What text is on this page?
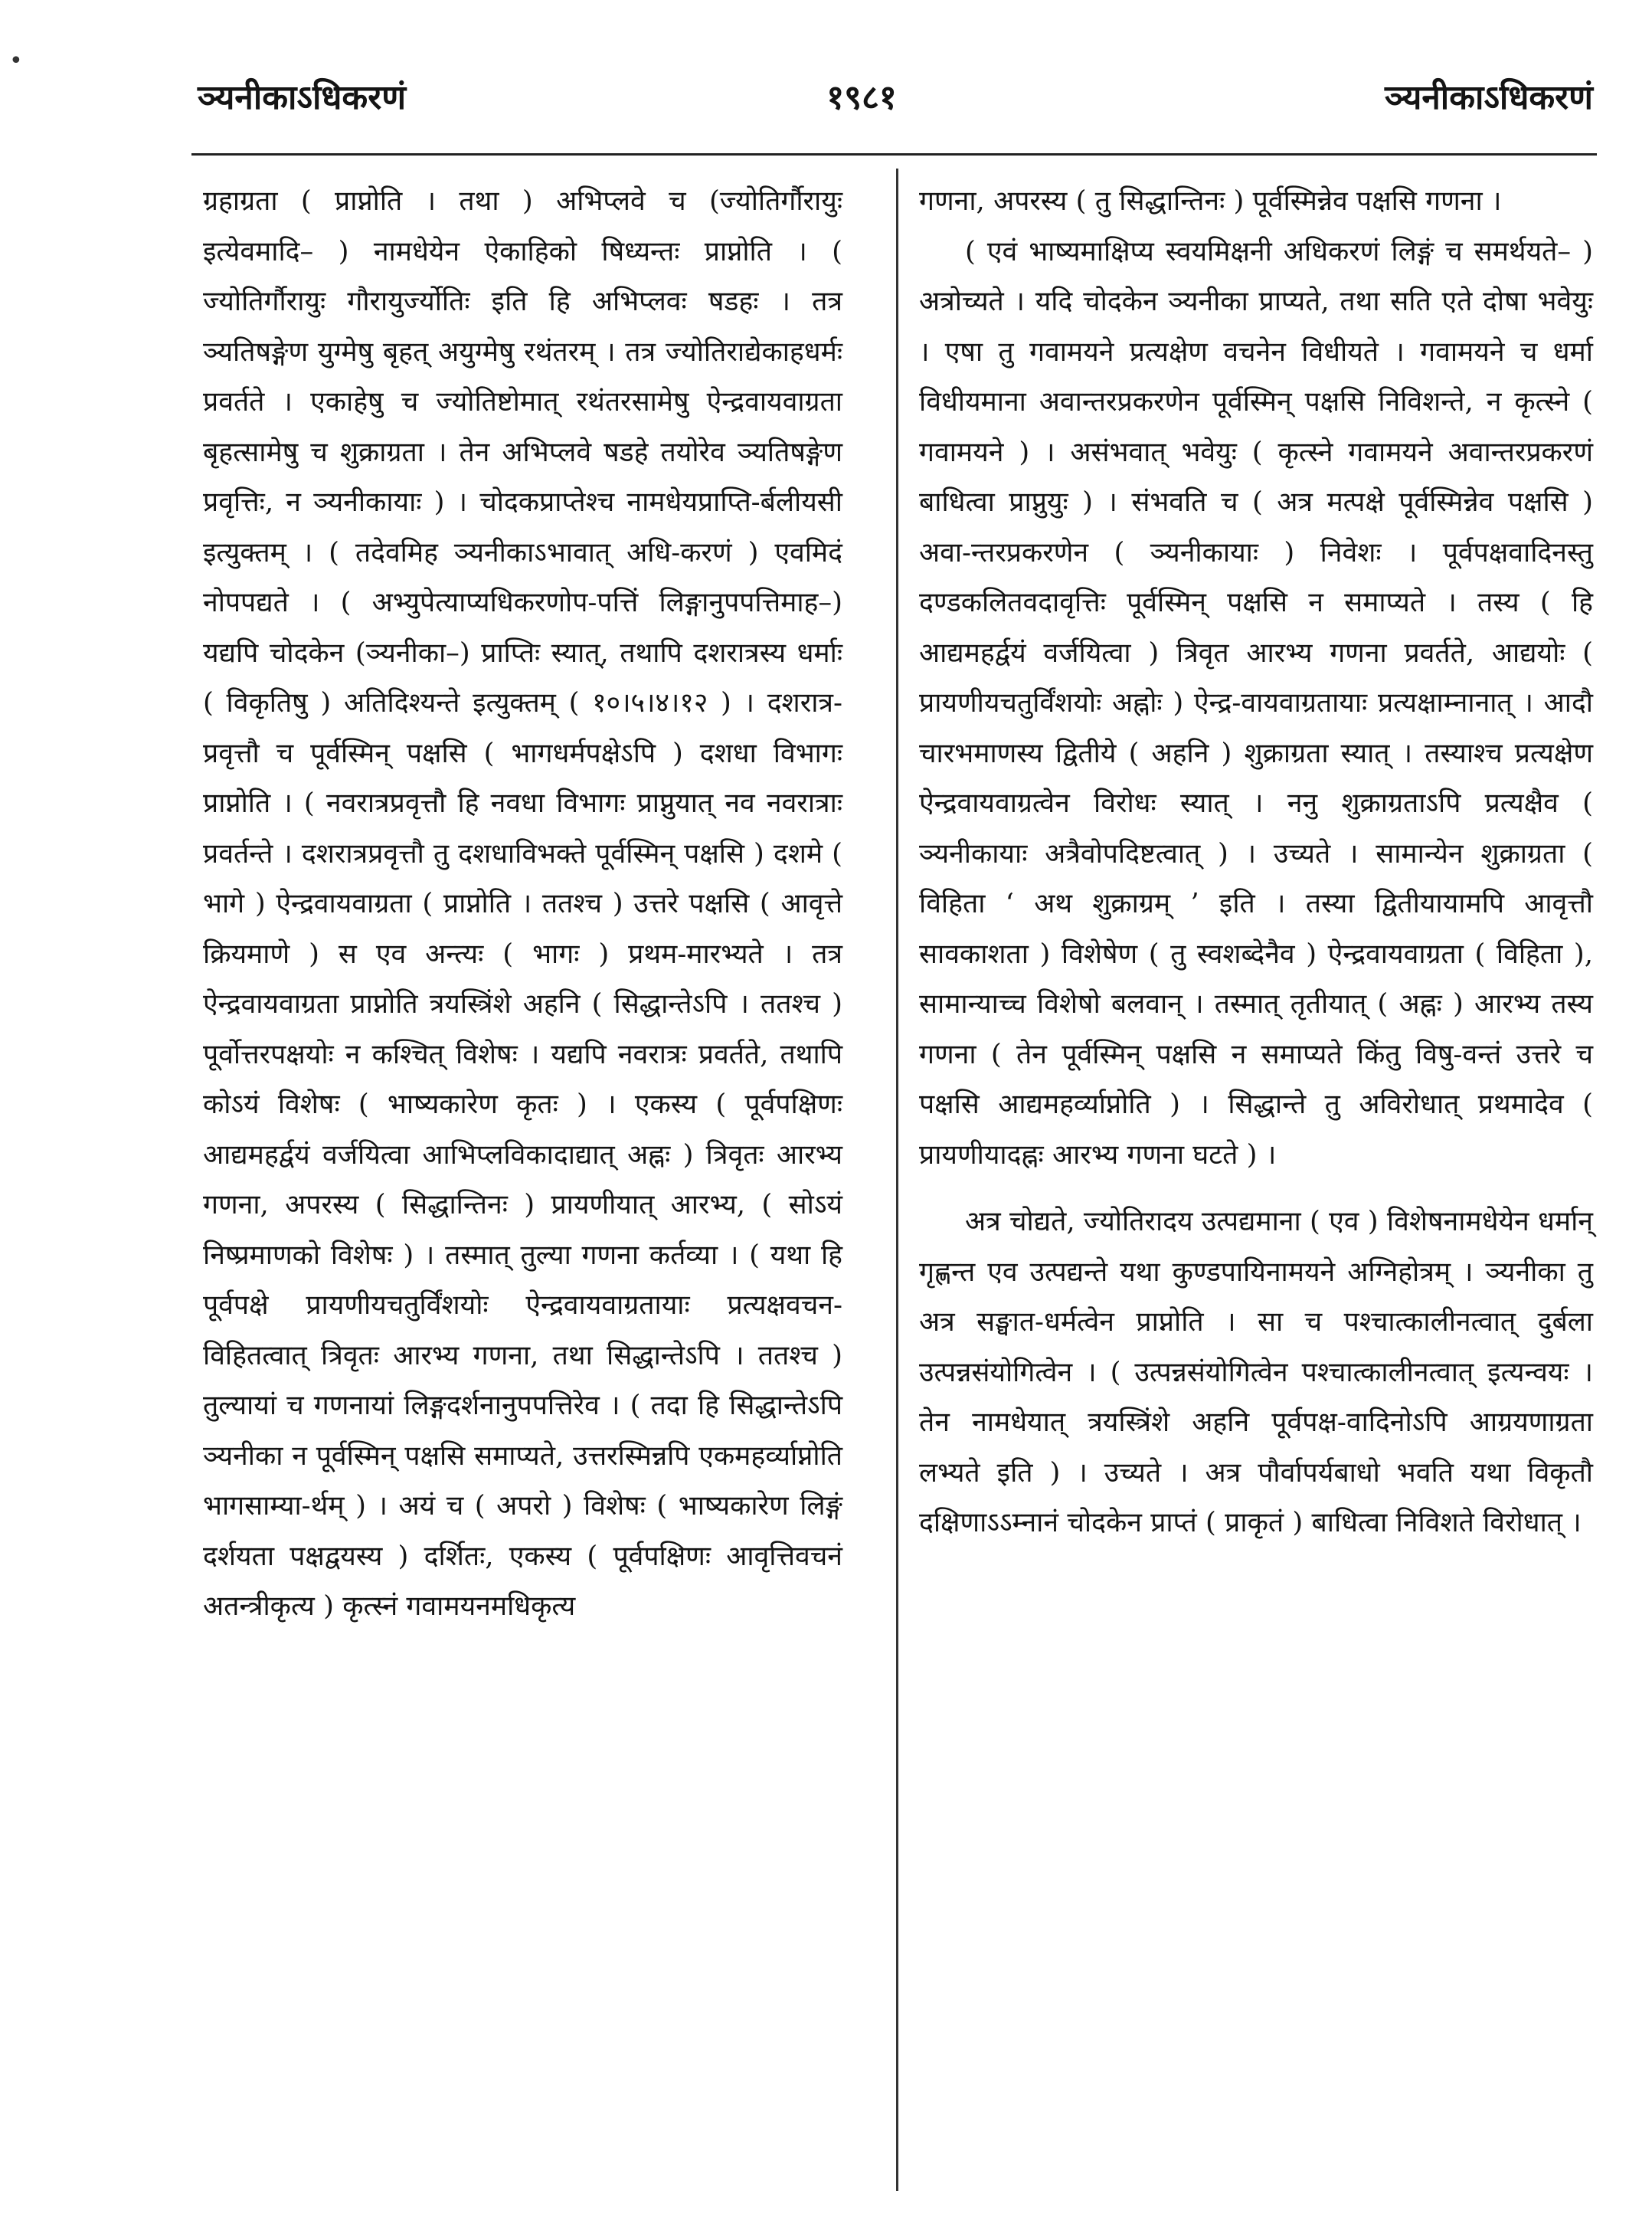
ञ्यनीकाऽधिकरणं	१९८१	ञ्यनीकाऽधिकरणं
•

ग्रहाग्रता ( प्राप्नोति । तथा ) अभिप्लवे च (ज्योतिर्गौरायुः इत्येवमादि– ) नामधेयेन ऐकाहिको षिध्यन्तः प्राप्नोति । ( ज्योतिर्गौरायुः गौरायुर्ज्योतिः इति हि अभिप्लवः षडहः । तत्र ञ्यतिषङ्गेण युग्मेषु बृहत् अयुग्मेषु रथंतरम् । तत्र ज्योतिराद्येकाहधर्मः प्रवर्तते । एकाहेषु च ज्योतिष्टोमात् रथंतरसामेषु ऐन्द्रवायवाग्रता बृहत्सामेषु च शुक्राग्रता । तेन अभिप्लवे षडहे तयोरेव ञ्यतिषङ्गेण प्रवृत्तिः, न ञ्यनीकायाः ) । चोदकप्राप्तेश्च नामधेयप्राप्ति-र्बलीयसी इत्युक्तम् । ( तदेवमिह ञ्यनीकाऽभावात् अधि-करणं ) एवमिदं नोपपद्यते । ( अभ्युपेत्याप्यधिकरणोप-पत्तिं लिङ्गानुपपत्तिमाह–) यद्यपि चोदकेन (ञ्यनीका–) प्राप्तिः स्यात्, तथापि दशरात्रस्य धर्माः ( विकृतिषु ) अतिदिश्यन्ते इत्युक्तम् ( १०।५।४।१२ ) । दशरात्र-प्रवृत्तौ च पूर्वस्मिन् पक्षसि ( भागधर्मपक्षेऽपि ) दशधा विभागः प्राप्नोति । ( नवरात्रप्रवृत्तौ हि नवधा विभागः प्राप्नुयात् नव नवरात्राः प्रवर्तन्ते । दशरात्रप्रवृत्तौ तु दशधाविभक्ते पूर्वस्मिन् पक्षसि ) दशमे ( भागे ) ऐन्द्रवायवाग्रता ( प्राप्नोति । ततश्च ) उत्तरे पक्षसि ( आवृत्ते क्रियमाणे ) स एव अन्त्यः ( भागः ) प्रथम-मारभ्यते । तत्र ऐन्द्रवायवाग्रता प्राप्नोति त्रयस्त्रिंशे अहनि ( सिद्धान्तेऽपि । ततश्च ) पूर्वोत्तरपक्षयोः न कश्चित् विशेषः । यद्यपि नवरात्रः प्रवर्तते, तथापि कोऽयं विशेषः ( भाष्यकारेण कृतः ) । एकस्य ( पूर्वपक्षिणः आद्यमहर्द्वयं वर्जयित्वा आभिप्लविकादाद्यात् अह्नः ) त्रिवृतः आरभ्य गणना, अपरस्य ( सिद्धान्तिनः ) प्रायणीयात् आरभ्य, ( सोऽयं निष्प्रमाणको विशेषः ) । तस्मात् तुल्या गणना कर्तव्या । ( यथा हि पूर्वपक्षे प्रायणीयचतुर्विंशयोः ऐन्द्रवायवाग्रतायाः प्रत्यक्षवचन-विहितत्वात् त्रिवृतः आरभ्य गणना, तथा सिद्धान्तेऽपि । ततश्च ) तुल्यायां च गणनायां लिङ्गदर्शनानुपपत्तिरेव । ( तदा हि सिद्धान्तेऽपि ञ्यनीका न पूर्वस्मिन् पक्षसि समाप्यते, उत्तरस्मिन्नपि एकमहर्व्याप्नोति भागसाम्या-र्थम् ) । अयं च ( अपरो ) विशेषः ( भाष्यकारेण लिङ्गं दर्शयता पक्षद्वयस्य ) दर्शितः, एकस्य ( पूर्वपक्षिणः आवृत्तिवचनं अतन्त्रीकृत्य ) कृत्स्नं गवामयनमधिकृत्य

गणना, अपरस्य ( तु सिद्धान्तिनः ) पूर्वस्मिन्नेव पक्षसि गणना ।

( एवं भाष्यमाक्षिप्य स्वयमिक्षनी अधिकरणं लिङ्गं च समर्थयते– ) अत्रोच्यते । यदि चोदकेन ञ्यनीका प्राप्यते, तथा सति एते दोषा भवेयुः । एषा तु गवामयने प्रत्यक्षेण वचनेन विधीयते । गवामयने च धर्मा विधीयमाना अवान्तरप्रकरणेन पूर्वस्मिन् पक्षसि निविशन्ते, न कृत्स्ने ( गवामयने ) । असंभवात् भवेयुः ( कृत्स्ने गवामयने अवान्तरप्रकरणं बाधित्वा प्राप्नुयुः ) । संभवति च ( अत्र मत्पक्षे पूर्वस्मिन्नेव पक्षसि ) अवा-न्तरप्रकरणेन ( ञ्यनीकायाः ) निवेशः । पूर्वपक्षवादिनस्तु दण्डकलितवदावृत्तिः पूर्वस्मिन् पक्षसि न समाप्यते । तस्य ( हि आद्यमहर्द्वयं वर्जयित्वा ) त्रिवृत आरभ्य गणना प्रवर्तते, आद्ययोः ( प्रायणीयचतुर्विंशयोः अह्नोः ) ऐन्द्र-वायवाग्रतायाः प्रत्यक्षाम्नानात् । आदौ चारभमाणस्य द्वितीये ( अहनि ) शुक्राग्रता स्यात् । तस्याश्च प्रत्यक्षेण ऐन्द्रवायवाग्रत्वेन विरोधः स्यात् । ननु शुक्राग्रताऽपि प्रत्यक्षैव ( ञ्यनीकायाः अत्रैवोपदिष्टत्वात् ) । उच्यते । सामान्येन शुक्राग्रता ( विहिता ‘ अथ शुक्राग्रम् ’ इति । तस्या द्वितीयायामपि आवृत्तौ सावकाशता ) विशेषेण ( तु स्वशब्देनैव ) ऐन्द्रवायवाग्रता ( विहिता ), सामान्याच्च विशेषो बलवान् । तस्मात् तृतीयात् ( अह्नः ) आरभ्य तस्य गणना ( तेन पूर्वस्मिन् पक्षसि न समाप्यते किंतु विषु-वन्तं उत्तरे च पक्षसि आद्यमहर्व्याप्नोति ) । सिद्धान्ते तु अविरोधात् प्रथमादेव ( प्रायणीयादह्नः आरभ्य गणना घटते ) ।

अत्र चोद्यते, ज्योतिरादय उत्पद्यमाना ( एव ) विशेषनामधेयेन धर्मान् गृह्णन्त एव उत्पद्यन्ते यथा कुण्डपायिनामयने अग्निहोत्रम् । ञ्यनीका तु अत्र सङ्घात-धर्मत्वेन प्राप्नोति । सा च पश्चात्कालीनत्वात् दुर्बला उत्पन्नसंयोगित्वेन । ( उत्पन्नसंयोगित्वेन पश्चात्कालीनत्वात् इत्यन्वयः । तेन नामधेयात् त्रयस्त्रिंशे अहनि पूर्वपक्ष-वादिनोऽपि आग्रयणाग्रता लभ्यते इति ) । उच्यते । अत्र पौर्वापर्यबाधो भवति यथा विकृतौ दक्षिणाऽऽम्नानं चोदकेन प्राप्तं ( प्राकृतं ) बाधित्वा निविशते विरोधात् ।
